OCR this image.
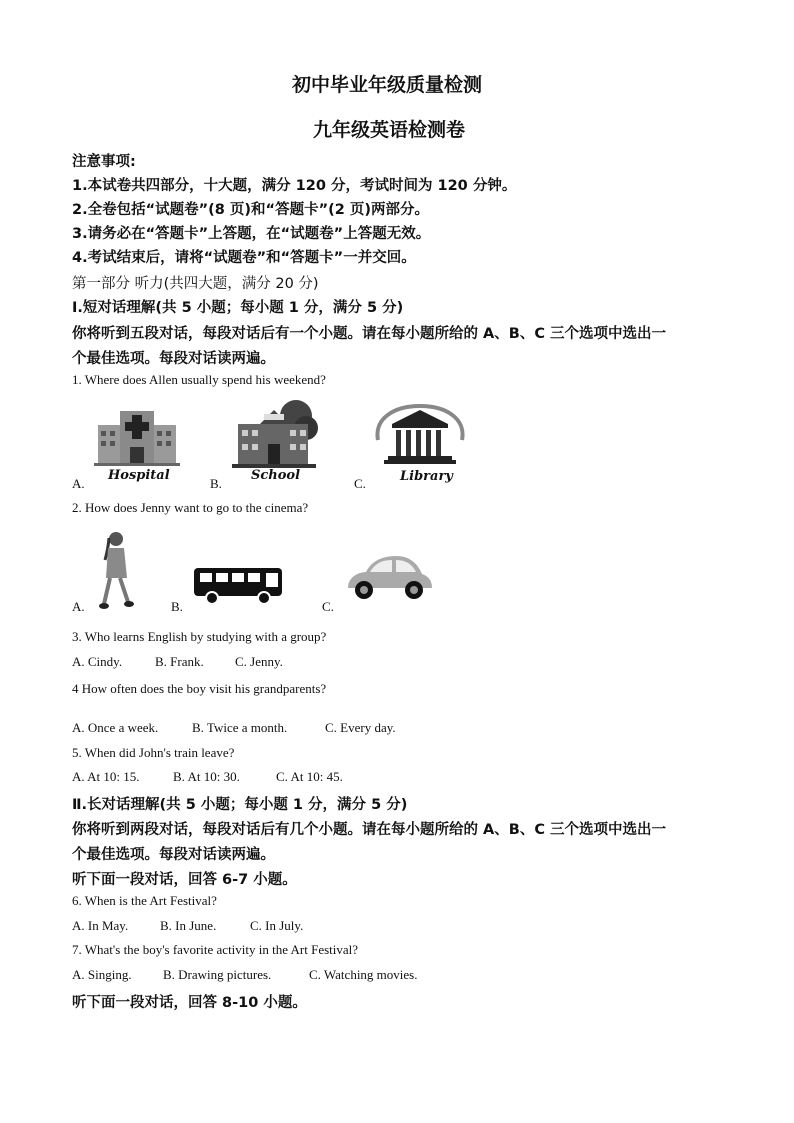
初中毕业年级质量检测
九年级英语检测卷
注意事项:
1.本试卷共四部分，十大题，满分 120 分，考试时间为 120 分钟。
2.全卷包括“试题卷”(8 页)和“答题卡”(2 页)两部分。
3.请务必在“答题卡”上答题，在“试题卷”上答题无效。
4.考试结束后，请将“试题卷”和“答题卡”一并交回。
第一部分 听力(共四大题，满分 20 分)
Ⅰ.短对话理解(共 5 小题；每小题 1 分，满分 5 分)
你将听到五段对话，每段对话后有一个小题。请在每小题所给的 A、B、C 三个选项中选出一
个最佳选项。每段对话读两遍。
1. Where does Allen usually spend his weekend?
A.
Hospital
B.
School
C.	Library
2. How does Jenny want to go to the cinema?
A.	B.	C.
3. Who learns English by studying with a group?
A. Cindy.	B. Frank. C. Jenny.
4 How often does the boy visit his grandparents?
A. Once a week.	B. Twice a month.	C. Every day.
5. When did John's train leave?
A. At 10: 15.	B. At 10: 30.	C. At 10: 45.
Ⅱ.长对话理解(共 5 小题；每小题 1 分，满分 5 分)
你将听到两段对话，每段对话后有几个小题。请在每小题所给的 A、B、C 三个选项中选出一
个最佳选项。每段对话读两遍。
听下面一段对话，回答 6-7 小题。
6. When is the Art Festival?
A. In May. B. In June.	C. In July.
7. What's the boy's favorite activity in the Art Festival?
A. Singing. B. Drawing pictures.	C. Watching movies.
听下面一段对话，回答 8-10 小题。
